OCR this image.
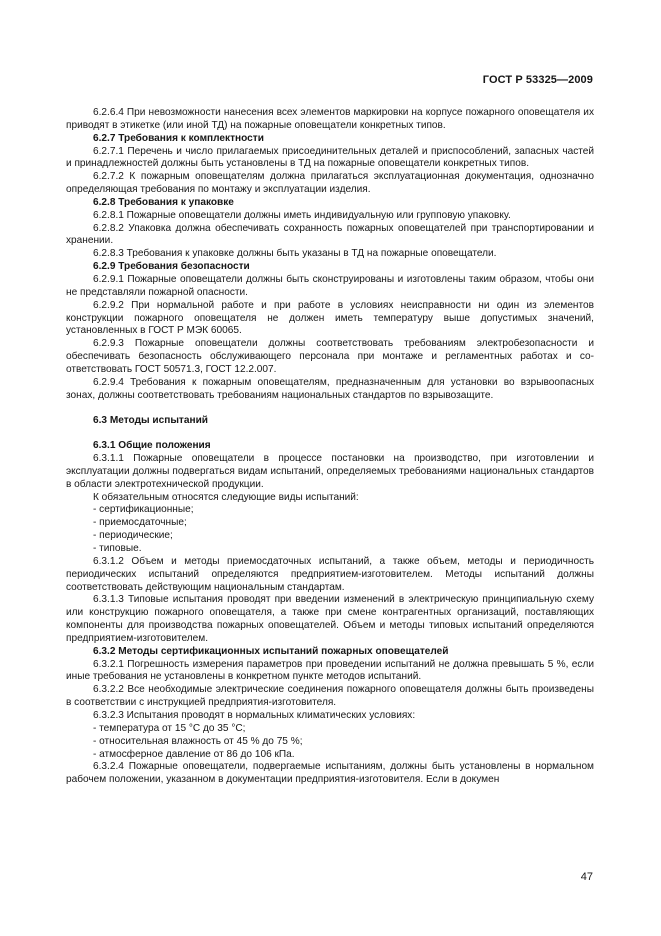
ГОСТ Р 53325—2009

6.2.6.4 При невозможности нанесения всех элементов маркировки на корпусе пожарного оповещателя их приводят в этикетке (или иной ТД) на пожарные оповещатели конкретных типов.

6.2.7 Требования к комплектности

6.2.7.1 Перечень и число прилагаемых присоединительных деталей и приспособлений, запасных частей и принадлежностей должны быть установлены в ТД на пожарные оповещатели конкретных типов.

6.2.7.2 К пожарным оповещателям должна прилагаться эксплуатационная документация, однозначно определяющая требования по монтажу и эксплуатации изделия.

6.2.8 Требования к упаковке

6.2.8.1 Пожарные оповещатели должны иметь индивидуальную или групповую упаковку.

6.2.8.2 Упаковка должна обеспечивать сохранность пожарных оповещателей при транспортировании и хранении.

6.2.8.3 Требования к упаковке должны быть указаны в ТД на пожарные оповещатели.

6.2.9 Требования безопасности

6.2.9.1 Пожарные оповещатели должны быть сконструированы и изготовлены таким образом, чтобы они не представляли пожарной опасности.

6.2.9.2 При нормальной работе и при работе в условиях неисправности ни один из элементов конструкции пожарного оповещателя не должен иметь температуру выше допустимых значений, установленных в ГОСТ Р МЭК 60065.

6.2.9.3 Пожарные оповещатели должны соответствовать требованиям электробезопасности и обеспечивать безопасность обслуживающего персонала при монтаже и регламентных работах и соответствовать ГОСТ 50571.3, ГОСТ 12.2.007.

6.2.9.4 Требования к пожарным оповещателям, предназначенным для установки во взрывоопасных зонах, должны соответствовать требованиям национальных стандартов по взрывозащите.

6.3 Методы испытаний

6.3.1 Общие положения

6.3.1.1 Пожарные оповещатели в процессе постановки на производство, при изготовлении и эксплуатации должны подвергаться видам испытаний, определяемых требованиями национальных стандартов в области электротехнической продукции.

К обязательным относятся следующие виды испытаний:

- сертификационные;

- приемосдаточные;

- периодические;

- типовые.

6.3.1.2 Объем и методы приемосдаточных испытаний, а также объем, методы и периодичность периодических испытаний определяются предприятием-изготовителем. Методы испытаний должны соответствовать действующим национальным стандартам.

6.3.1.3 Типовые испытания проводят при введении изменений в электрическую принципиальную схему или конструкцию пожарного оповещателя, а также при смене контрагентных организаций, поставляющих компоненты для производства пожарных оповещателей. Объем и методы типовых испытаний определяются предприятием-изготовителем.

6.3.2 Методы сертификационных испытаний пожарных оповещателей

6.3.2.1 Погрешность измерения параметров при проведении испытаний не должна превышать 5 %, если иные требования не установлены в конкретном пункте методов испытаний.

6.3.2.2 Все необходимые электрические соединения пожарного оповещателя должны быть произведены в соответствии с инструкцией предприятия-изготовителя.

6.3.2.3 Испытания проводят в нормальных климатических условиях:

- температура от 15 °С до 35 °С;

- относительная влажность от 45 % до 75 %;

- атмосферное давление от 86 до 106 кПа.

6.3.2.4 Пожарные оповещатели, подвергаемые испытаниям, должны быть установлены в нормальном рабочем положении, указанном в документации предприятия-изготовителя. Если в докумен

47
